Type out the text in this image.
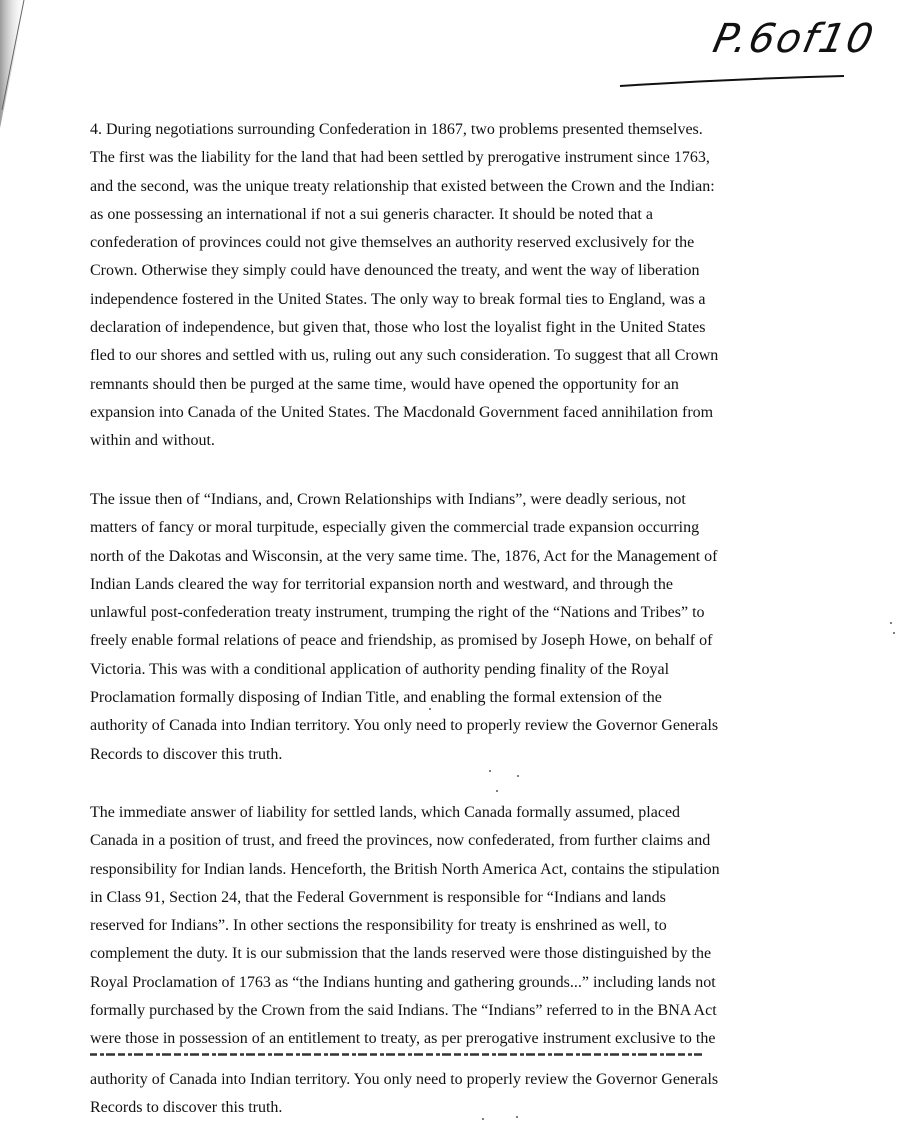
P.6of10
4. During negotiations surrounding Confederation in 1867, two problems presented themselves.
The first was the liability for the land that had been settled by prerogative instrument since 1763,
and the second, was the unique treaty relationship that existed between the Crown and the Indian:
as one possessing an international if not a sui generis character. It should be noted that a
confederation of provinces could not give themselves an authority reserved exclusively for the
Crown. Otherwise they simply could have denounced the treaty, and went the way of liberation
independence fostered in the United States. The only way to break formal ties to England, was a
declaration of independence, but given that, those who lost the loyalist fight in the United States
fled to our shores and settled with us, ruling out any such consideration. To suggest that all Crown
remnants should then be purged at the same time, would have opened the opportunity for an
expansion into Canada of the United States. The Macdonald Government faced annihilation from
within and without.
The issue then of “Indians, and, Crown Relationships with Indians”, were deadly serious, not
matters of fancy or moral turpitude, especially given the commercial trade expansion occurring
north of the Dakotas and Wisconsin, at the very same time. The, 1876, Act for the Management of
Indian Lands cleared the way for territorial expansion north and westward, and through the
unlawful post-confederation treaty instrument, trumping the right of the “Nations and Tribes” to
freely enable formal relations of peace and friendship, as promised by Joseph Howe, on behalf of
Victoria. This was with a conditional application of authority pending finality of the Royal
Proclamation formally disposing of Indian Title, and enabling the formal extension of the
authority of Canada into Indian territory. You only need to properly review the Governor Generals
Records to discover this truth.
The immediate answer of liability for settled lands, which Canada formally assumed, placed
Canada in a position of trust, and freed the provinces, now confederated, from further claims and
responsibility for Indian lands. Henceforth, the British North America Act, contains the stipulation
in Class 91, Section 24, that the Federal Government is responsible for “Indians and lands
reserved for Indians”. In other sections the responsibility for treaty is enshrined as well, to
complement the duty. It is our submission that the lands reserved were those distinguished by the
Royal Proclamation of 1763 as “the Indians hunting and gathering grounds...” including lands not
formally purchased by the Crown from the said Indians. The “Indians” referred to in the BNA Act
were those in possession of an entitlement to treaty, as per prerogative instrument exclusive to the
authority of Canada into Indian territory. You only need to properly review the Governor Generals
Records to discover this truth.
